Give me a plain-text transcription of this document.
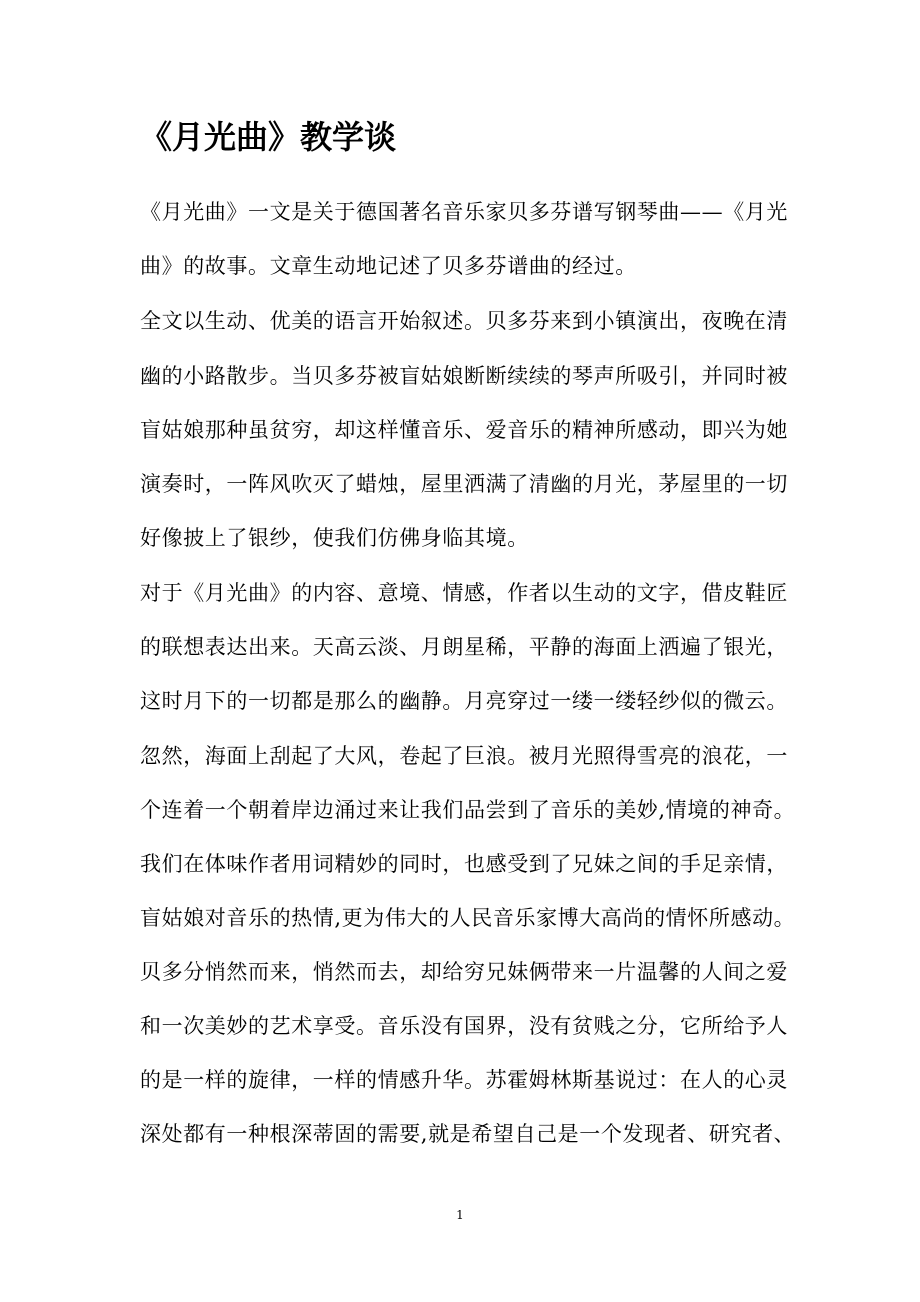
《月光曲》教学谈
《月光曲》一文是关于德国著名音乐家贝多芬谱写钢琴曲——《月光
曲》的故事。文章生动地记述了贝多芬谱曲的经过。
全文以生动、优美的语言开始叙述。贝多芬来到小镇演出，夜晚在清
幽的小路散步。当贝多芬被盲姑娘断断续续的琴声所吸引，并同时被
盲姑娘那种虽贫穷，却这样懂音乐、爱音乐的精神所感动，即兴为她
演奏时，一阵风吹灭了蜡烛，屋里洒满了清幽的月光，茅屋里的一切
好像披上了银纱，使我们仿佛身临其境。
对于《月光曲》的内容、意境、情感，作者以生动的文字，借皮鞋匠
的联想表达出来。天高云淡、月朗星稀，平静的海面上洒遍了银光，
这时月下的一切都是那么的幽静。月亮穿过一缕一缕轻纱似的微云。
忽然，海面上刮起了大风，卷起了巨浪。被月光照得雪亮的浪花，一
个连着一个朝着岸边涌过来让我们品尝到了音乐的美妙,情境的神奇。
我们在体味作者用词精妙的同时，也感受到了兄妹之间的手足亲情，
盲姑娘对音乐的热情,更为伟大的人民音乐家博大高尚的情怀所感动。
贝多分悄然而来，悄然而去，却给穷兄妹俩带来一片温馨的人间之爱
和一次美妙的艺术享受。音乐没有国界，没有贫贱之分，它所给予人
的是一样的旋律，一样的情感升华。苏霍姆林斯基说过：在人的心灵
深处都有一种根深蒂固的需要,就是希望自己是一个发现者、研究者、
1
